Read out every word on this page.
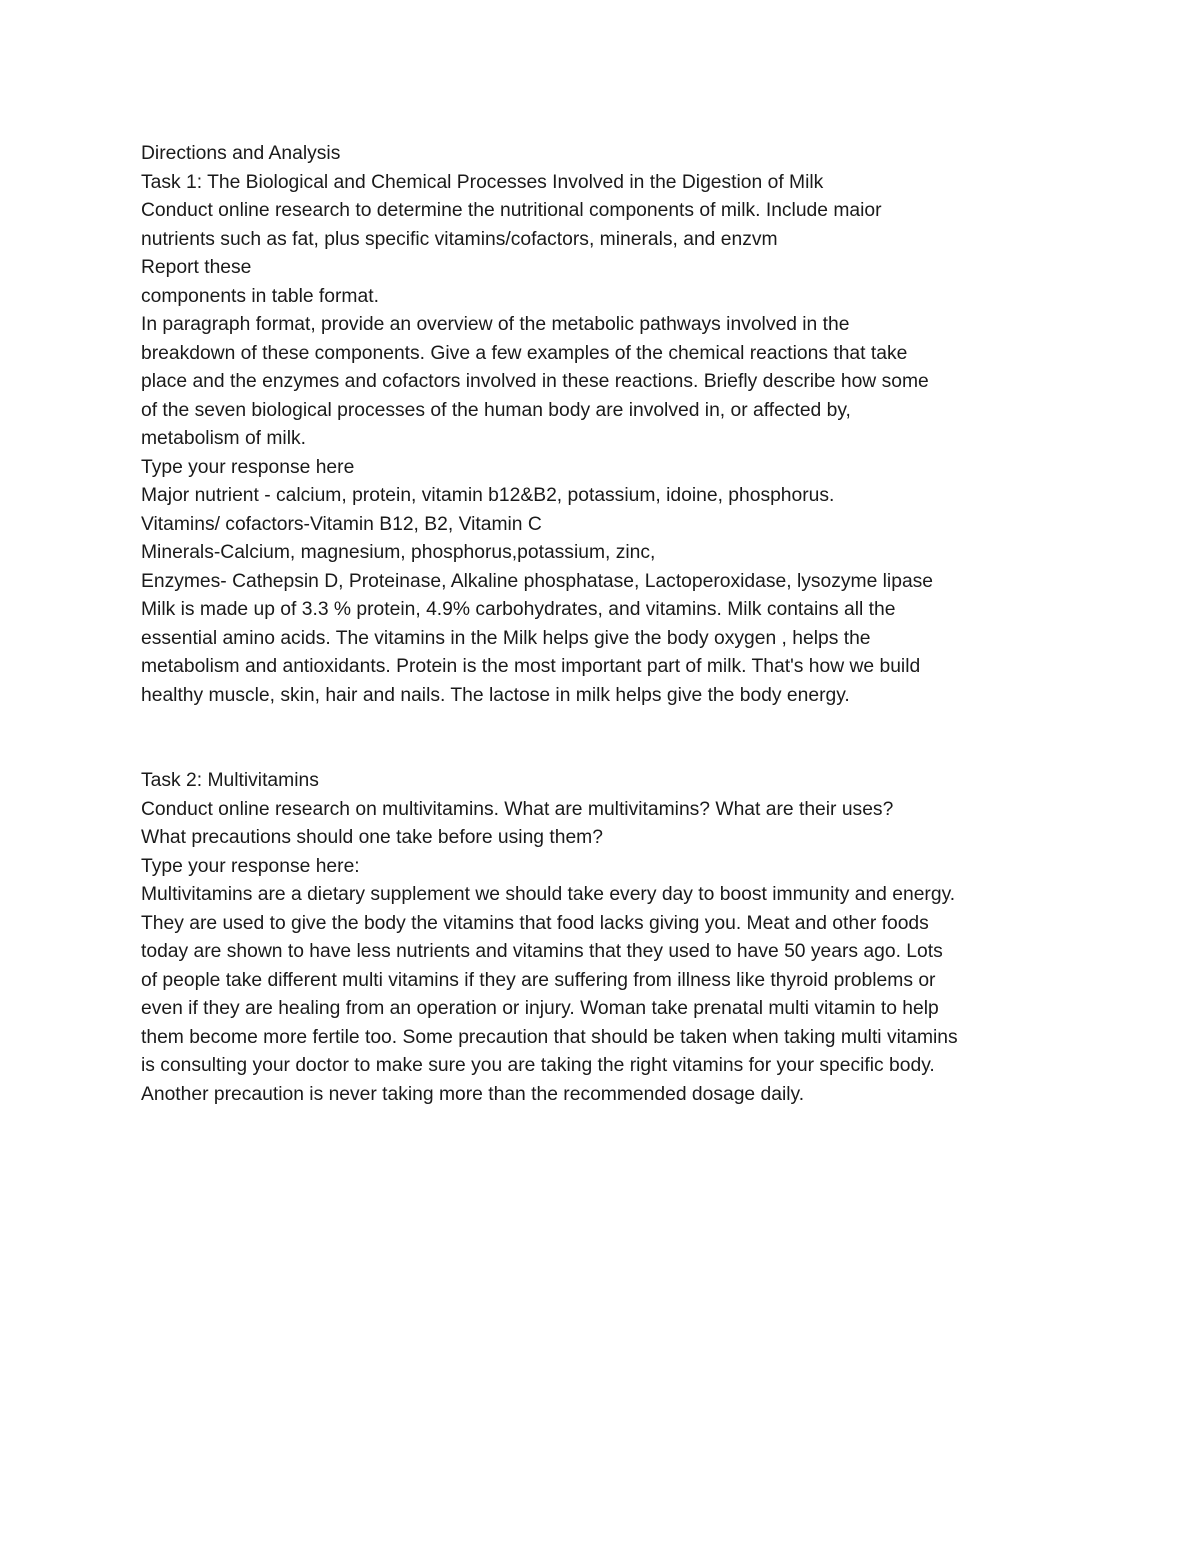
Directions and Analysis
Task 1: The Biological and Chemical Processes Involved in the Digestion of Milk
Conduct online research to determine the nutritional components of milk. Include maior
nutrients such as fat, plus specific vitamins/cofactors, minerals, and enzvm
Report these
components in table format.
In paragraph format, provide an overview of the metabolic pathways involved in the
breakdown of these components. Give a few examples of the chemical reactions that take
place and the enzymes and cofactors involved in these reactions. Briefly describe how some
of the seven biological processes of the human body are involved in, or affected by,
metabolism of milk.
Type your response here
Major nutrient - calcium, protein, vitamin b12&B2, potassium, idoine, phosphorus.
Vitamins/ cofactors-Vitamin B12, B2, Vitamin C
Minerals-Calcium, magnesium, phosphorus,potassium, zinc,
Enzymes- Cathepsin D, Proteinase, Alkaline phosphatase, Lactoperoxidase, lysozyme lipase
Milk is made up of 3.3 % protein, 4.9% carbohydrates, and vitamins. Milk contains all the
essential amino acids. The vitamins in the Milk helps give the body oxygen , helps the
metabolism and antioxidants. Protein is the most important part of milk. That's how we build
healthy muscle, skin, hair and nails. The lactose in milk helps give the body energy.
Task 2: Multivitamins
Conduct online research on multivitamins. What are multivitamins? What are their uses?
What precautions should one take before using them?
Type your response here:
Multivitamins are a dietary supplement we should take every day to boost immunity and energy.
They are used to give the body the vitamins that food lacks giving you. Meat and other foods
today are shown to have less nutrients and vitamins that they used to have 50 years ago. Lots
of people take different multi vitamins if they are suffering from illness like thyroid problems or
even if they are healing from an operation or injury. Woman take prenatal multi vitamin to help
them become more fertile too. Some precaution that should be taken when taking multi vitamins
is consulting your doctor to make sure you are taking the right vitamins for your specific body.
Another precaution is never taking more than the recommended dosage daily.
